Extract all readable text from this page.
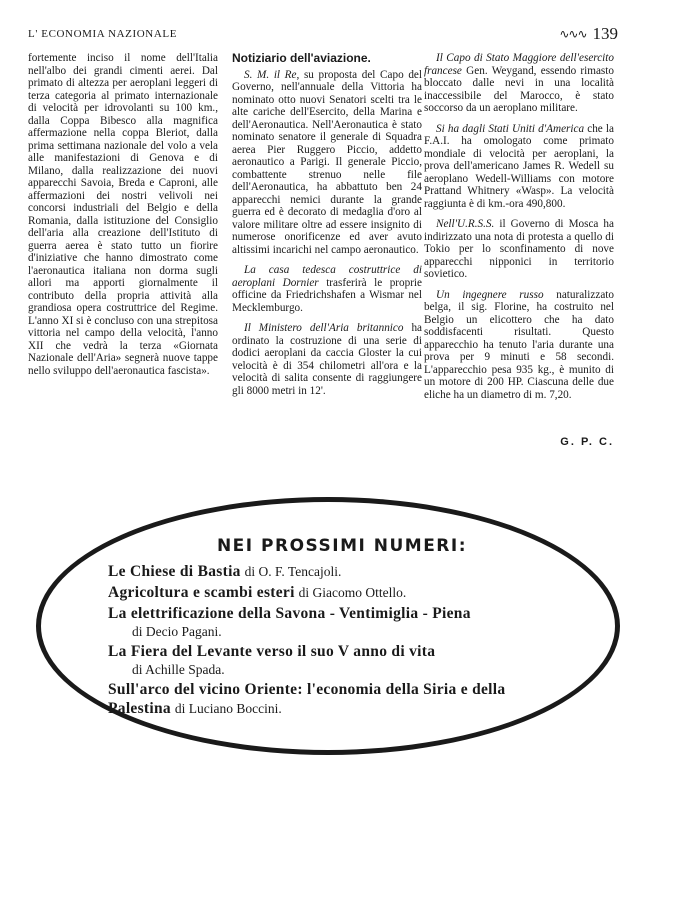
L' ECONOMIA NAZIONALE	∿∿∿ 139

fortemente inciso il nome dell'Italia nell'albo dei grandi cimenti aerei. Dal primato di altezza per aeroplani leggeri di terza categoria al primato internazionale di velocità per idrovolanti su 100 km., dalla Coppa Bibesco alla magnifica affermazione nella coppa Bleriot, dalla prima settimana nazionale del volo a vela alle manifestazioni di Genova e di Milano, dalla realizzazione dei nuovi apparecchi Savoia, Breda e Caproni, alle affermazioni dei nostri velivoli nei concorsi industriali del Belgio e della Romania, dalla istituzione del Consiglio dell'aria alla creazione dell'Istituto di guerra aerea è stato tutto un fiorire d'iniziative che hanno dimostrato come l'aeronautica italiana non dorma sugli allori ma apporti giornalmente il contributo della propria attività alla grandiosa opera costruttrice del Regime. L'anno XI si è concluso con una strepitosa vittoria nel campo della velocità, l'anno XII che vedrà la terza «Giornata Nazionale dell'Aria» segnerà nuove tappe nello sviluppo dell'aeronautica fascista».

Notiziario dell'aviazione.

S. M. il Re, su proposta del Capo del Governo, nell'annuale della Vittoria ha nominato otto nuovi Senatori scelti tra le alte cariche dell'Esercito, della Marina e dell'Aeronautica. Nell'Aeronautica è stato nominato senatore il generale di Squadra aerea Pier Ruggero Piccio, addetto aeronautico a Parigi. Il generale Piccio, combattente strenuo nelle file dell'Aeronautica, ha abbattuto ben 24 apparecchi nemici durante la grande guerra ed è decorato di medaglia d'oro al valore militare oltre ad essere insignito di numerose onorificenze ed aver avuto altissimi incarichi nel campo aeronautico.

La casa tedesca costruttrice di aeroplani Dornier trasferirà le proprie officine da Friedrichshafen a Wismar nel Mecklemburgo.

Il Ministero dell'Aria britannico ha ordinato la costruzione di una serie di dodici aeroplani da caccia Gloster la cui velocità è di 354 chilometri all'ora e la velocità di salita consente di raggiungere gli 8000 metri in 12'.

Il Capo di Stato Maggiore dell'esercito francese Gen. Weygand, essendo rimasto bloccato dalle nevi in una località inaccessibile del Marocco, è stato soccorso da un aeroplano militare.

Si ha dagli Stati Uniti d'America che la F.A.I. ha omologato come primato mondiale di velocità per aeroplani, la prova dell'americano James R. Wedell su aeroplano Wedell-Williams con motore Prattand Whitnery «Wasp». La velocità raggiunta è di km.-ora 490,800.

Nell'U.R.S.S. il Governo di Mosca ha indirizzato una nota di protesta a quello di Tokio per lo sconfinamento di nove apparecchi nipponici in territorio sovietico.

Un ingegnere russo naturalizzato belga, il sig. Florine, ha costruito nel Belgio un elicottero che ha dato soddisfacenti risultati. Questo apparecchio ha tenuto l'aria durante una prova per 9 minuti e 58 secondi. L'apparecchio pesa 935 kg., è munito di un motore di 200 HP. Ciascuna delle due eliche ha un diametro di m. 7,20.

G. P. C.
NEI PROSSIMI NUMERI:
Le Chiese di Bastia di O. F. Tencajoli.
Agricoltura e scambi esteri di Giacomo Ottello.
La elettrificazione della Savona - Ventimiglia - Piena
di Decio Pagani.
La Fiera del Levante verso il suo V anno di vita
di Achille Spada.
Sull'arco del vicino Oriente: l'economia della Siria e della Palestina di Luciano Boccini.
